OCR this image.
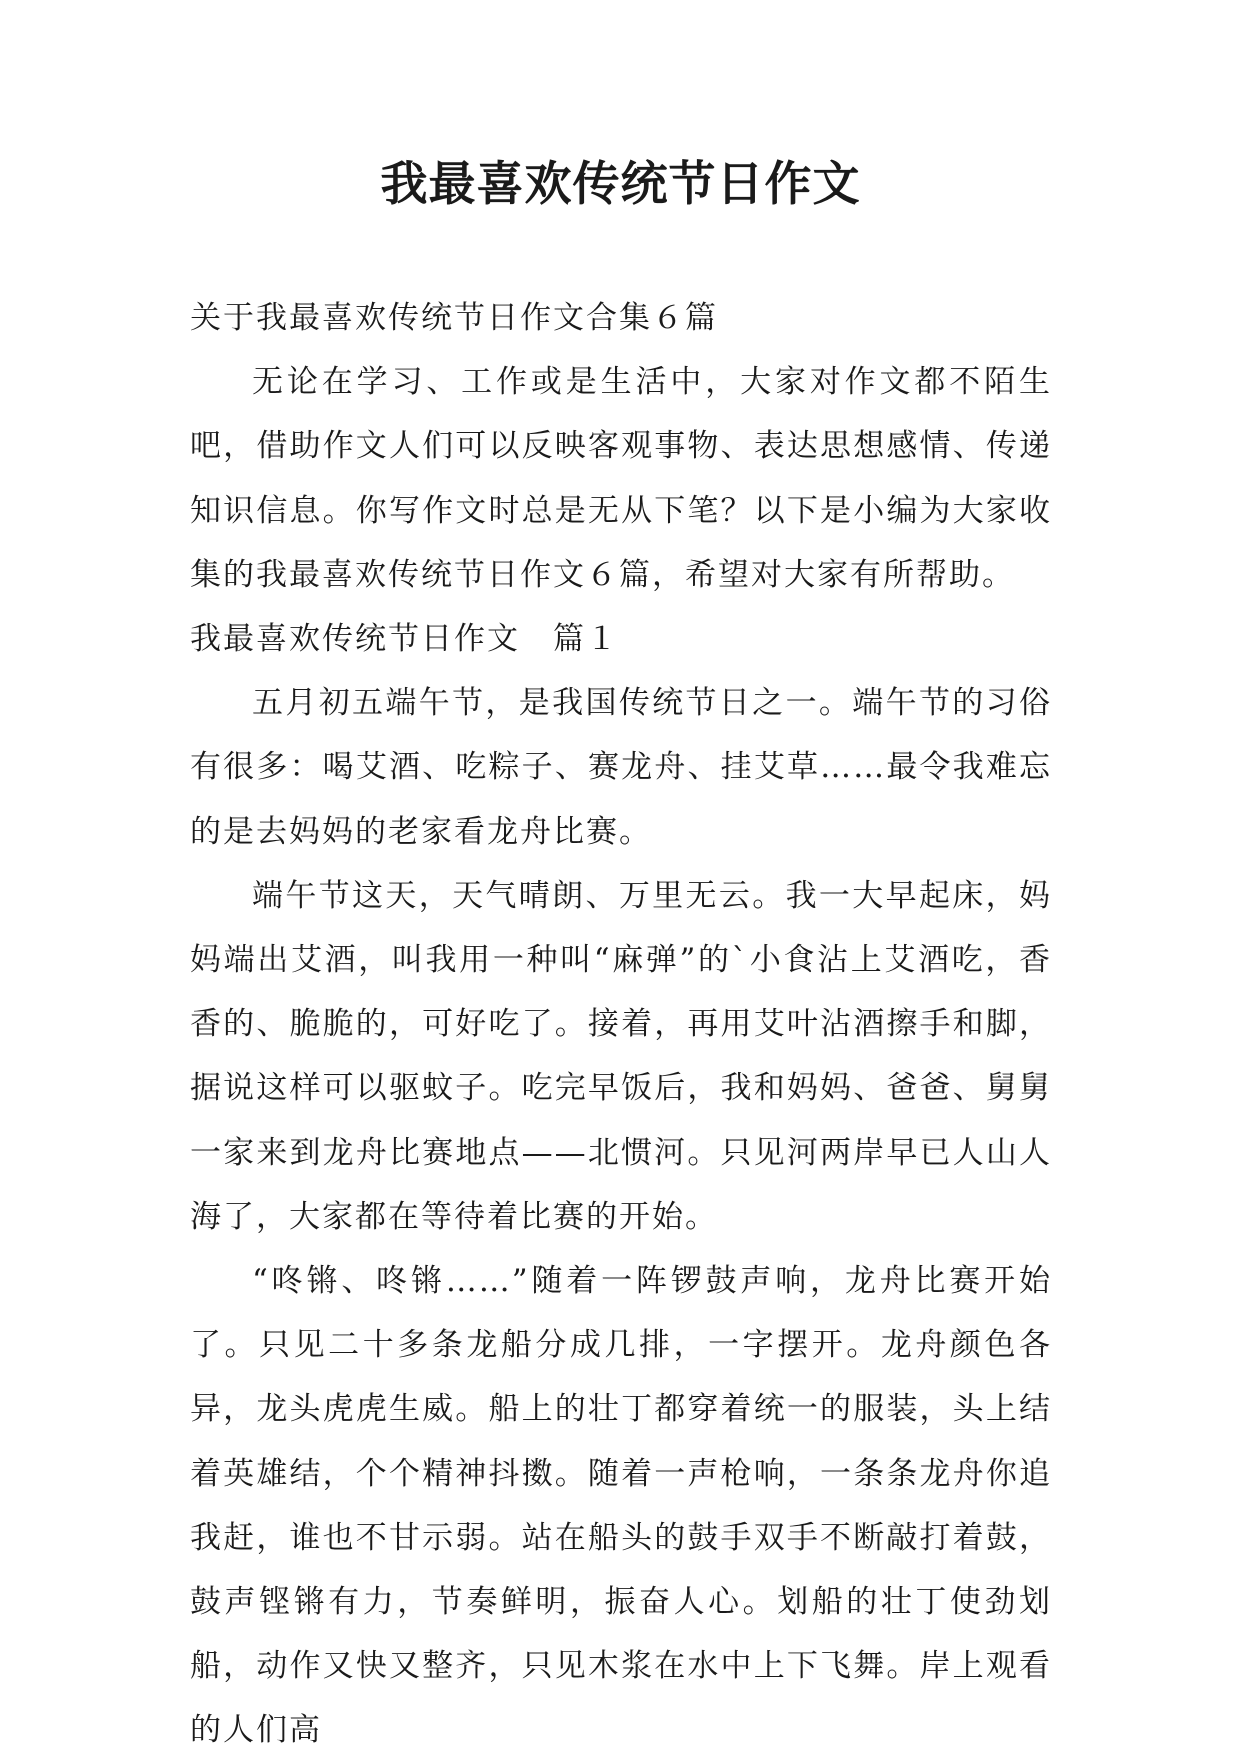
我最喜欢传统节日作文

关于我最喜欢传统节日作文合集６篇

无论在学习、工作或是生活中，大家对作文都不陌生吧，借助作文人们可以反映客观事物、表达思想感情、传递知识信息。你写作文时总是无从下笔？以下是小编为大家收集的我最喜欢传统节日作文６篇，希望对大家有所帮助。

我最喜欢传统节日作文　篇１

五月初五端午节，是我国传统节日之一。端午节的习俗有很多：喝艾酒、吃粽子、赛龙舟、挂艾草……最令我难忘的是去妈妈的老家看龙舟比赛。

端午节这天，天气晴朗、万里无云。我一大早起床，妈妈端出艾酒，叫我用一种叫“麻弹”的`小食沾上艾酒吃，香香的、脆脆的，可好吃了。接着，再用艾叶沾酒擦手和脚，据说这样可以驱蚊子。吃完早饭后，我和妈妈、爸爸、舅舅一家来到龙舟比赛地点——北惯河。只见河两岸早已人山人海了，大家都在等待着比赛的开始。

“咚锵、咚锵……”随着一阵锣鼓声响，龙舟比赛开始了。只见二十多条龙船分成几排，一字摆开。龙舟颜色各异，龙头虎虎生威。船上的壮丁都穿着统一的服装，头上结着英雄结，个个精神抖擞。随着一声枪响，一条条龙舟你追我赶，谁也不甘示弱。站在船头的鼓手双手不断敲打着鼓，鼓声铿锵有力，节奏鲜明，振奋人心。划船的壮丁使劲划船，动作又快又整齐，只见木浆在水中上下飞舞。岸上观看的人们高
